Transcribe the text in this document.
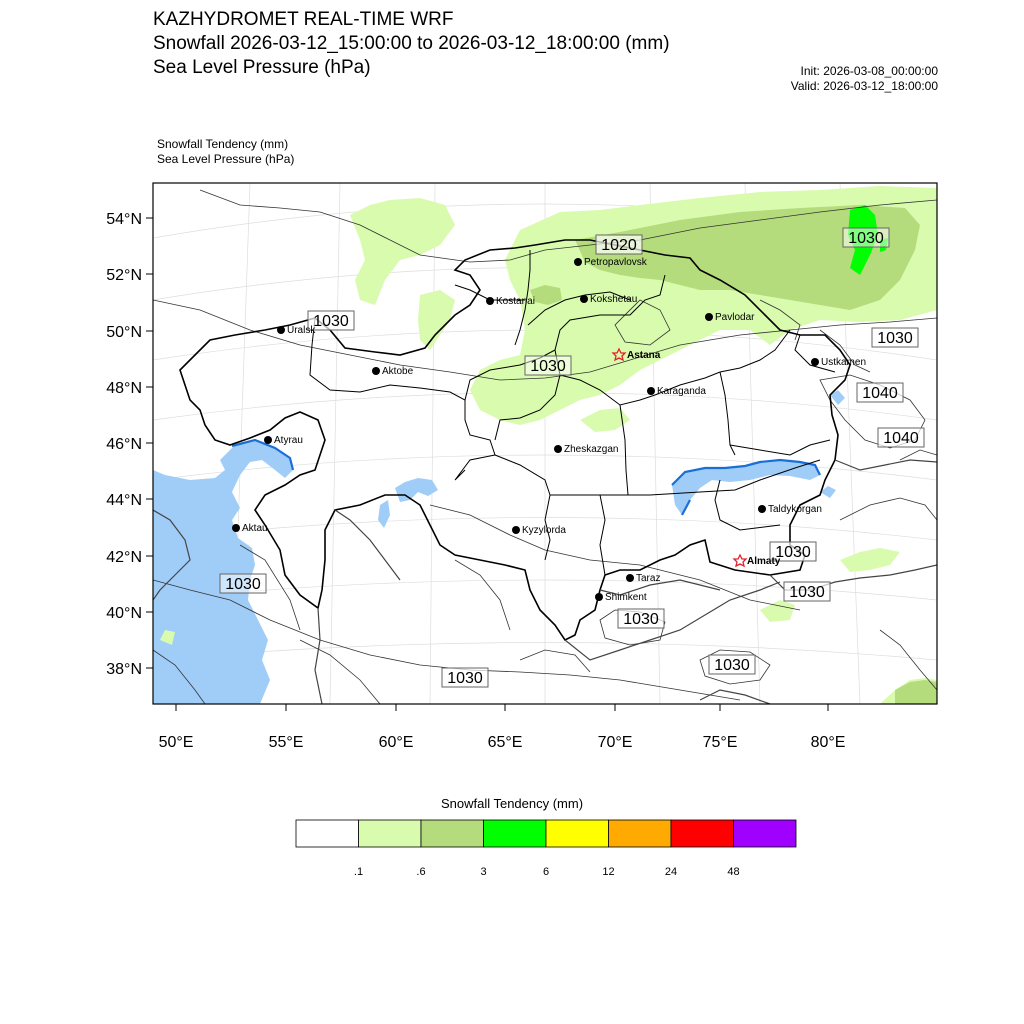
KAZHYDROMET REAL-TIME WRF
Snowfall 2026-03-12_15:00:00 to 2026-03-12_18:00:00 (mm)
Sea Level Pressure (hPa)	Init: 2026-03-08_00:00:00
Valid: 2026-03-12_18:00:00
Snowfall Tendency (mm)
Sea Level Pressure (hPa)
54°N
52°N
50°N
48°N
46°N
44°N
42°N
40°N
38°N
50°E	55°E	60°E	65°E	70°E	75°E	80°E
1020	1030
1030
1030
1030
1030
1040
1040
1030
1030
1030
1030
1030
Petropavlovsk
Kostanai	Kokshetau
Uralsk
Pavlodar
Astana
Ustkamen
Aktobe
Karaganda
Atyrau
Zheskazgan
Aktau	Kyzylorda
Taldykorgan
Almaty
Taraz
Shimkent
Snowfall Tendency (mm)
.1	.6	3	6	12	24	48
